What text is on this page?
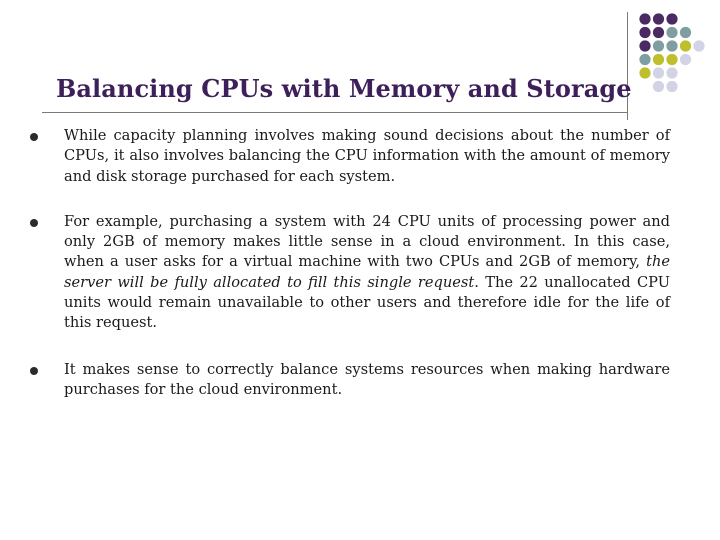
Balancing CPUs with Memory and Storage
While capacity planning involves making sound decisions about the number of CPUs, it also involves balancing the CPU information with the amount of memory and disk storage purchased for each system.
For example, purchasing a system with 24 CPU units of processing power and only 2GB of memory makes little sense in a cloud environment. In this case, when a user asks for a virtual machine with two CPUs and 2GB of memory, the server will be fully allocated to fill this single request. The 22 unallocated CPU units would remain unavailable to other users and therefore idle for the life of this request.
It makes sense to correctly balance systems resources when making hardware purchases for the cloud environment.
